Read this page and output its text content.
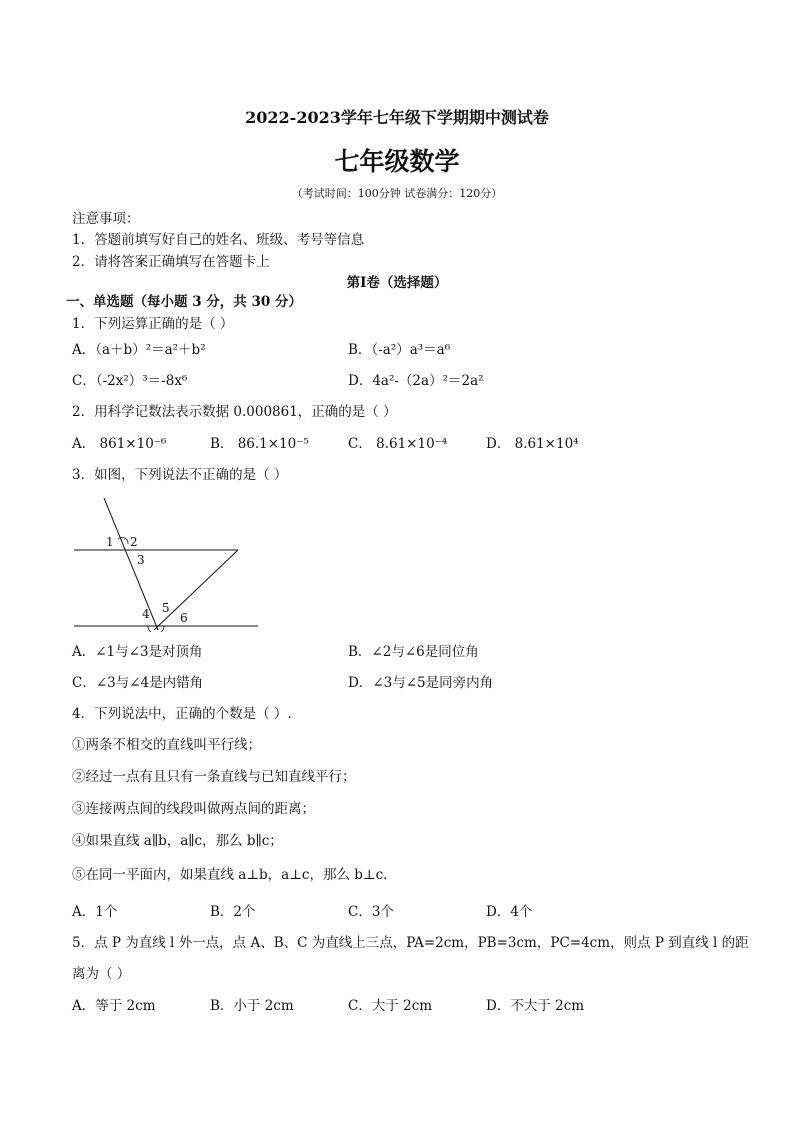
2022-2023学年七年级下学期期中测试卷
七年级数学
（考试时间：100分钟 试卷满分：120分）
注意事项：
1．答题前填写好自己的姓名、班级、考号等信息
2．请将答案正确填写在答题卡上
第Ⅰ卷（选择题）
一、单选题（每小题 3 分，共 30 分）
1．下列运算正确的是（ ）
A．（a＋b）²＝a²＋b²	B．（-a²）a³＝a⁶
C．（-2x²）³＝-8x⁶	D．4a²-（2a）²＝2a²
2．用科学记数法表示数据 0.000861，正确的是（ ）
A． 861×10⁻⁶	B． 86.1×10⁻⁵	C． 8.61×10⁻⁴	D． 8.61×10⁴
3．如图，下列说法不正确的是（ ）
1 2
3
4 5
6
A．∠1与∠3是对顶角	B．∠2与∠6是同位角
C．∠3与∠4是内错角	D．∠3与∠5是同旁内角
4．下列说法中，正确的个数是（ ）.
①两条不相交的直线叫平行线；
②经过一点有且只有一条直线与已知直线平行；
③连接两点间的线段叫做两点间的距离；
④如果直线 a∥b，a∥c，那么 b∥c；
⑤在同一平面内，如果直线 a⊥b，a⊥c，那么 b⊥c．
A．1个	B．2个	C．3个	D．4个
5．点 P 为直线 l 外一点，点 A、B、C 为直线上三点，PA=2cm，PB=3cm，PC=4cm，则点 P 到直线 l 的距
离为（ ）
A．等于 2cm	B．小于 2cm	C．大于 2cm	D．不大于 2cm
